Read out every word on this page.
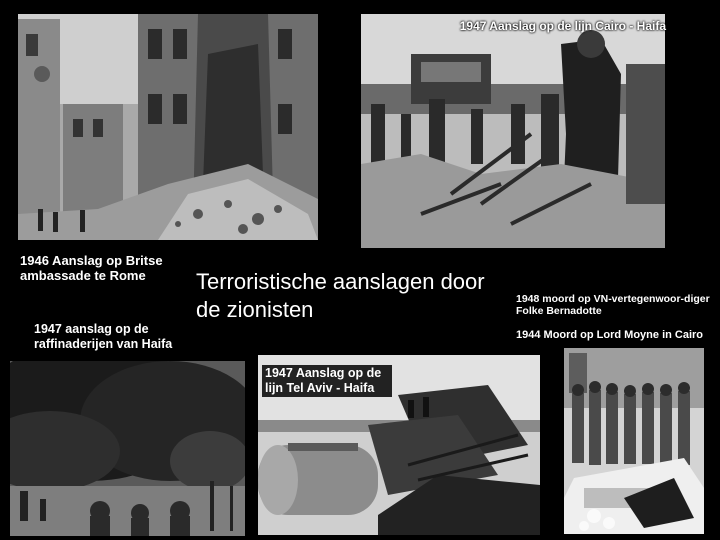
1947 Aanslag op de lijn Cairo - Haifa
1946 Aanslag op Britse ambassade te Rome
1947 aanslag op de raffinaderijen van Haifa
Terroristische aanslagen door de zionisten
1947 Aanslag op de lijn Tel Aviv - Haifa
1948 moord op VN-vertegenwoor-diger Folke Bernadotte
1944 Moord op Lord Moyne in Cairo
